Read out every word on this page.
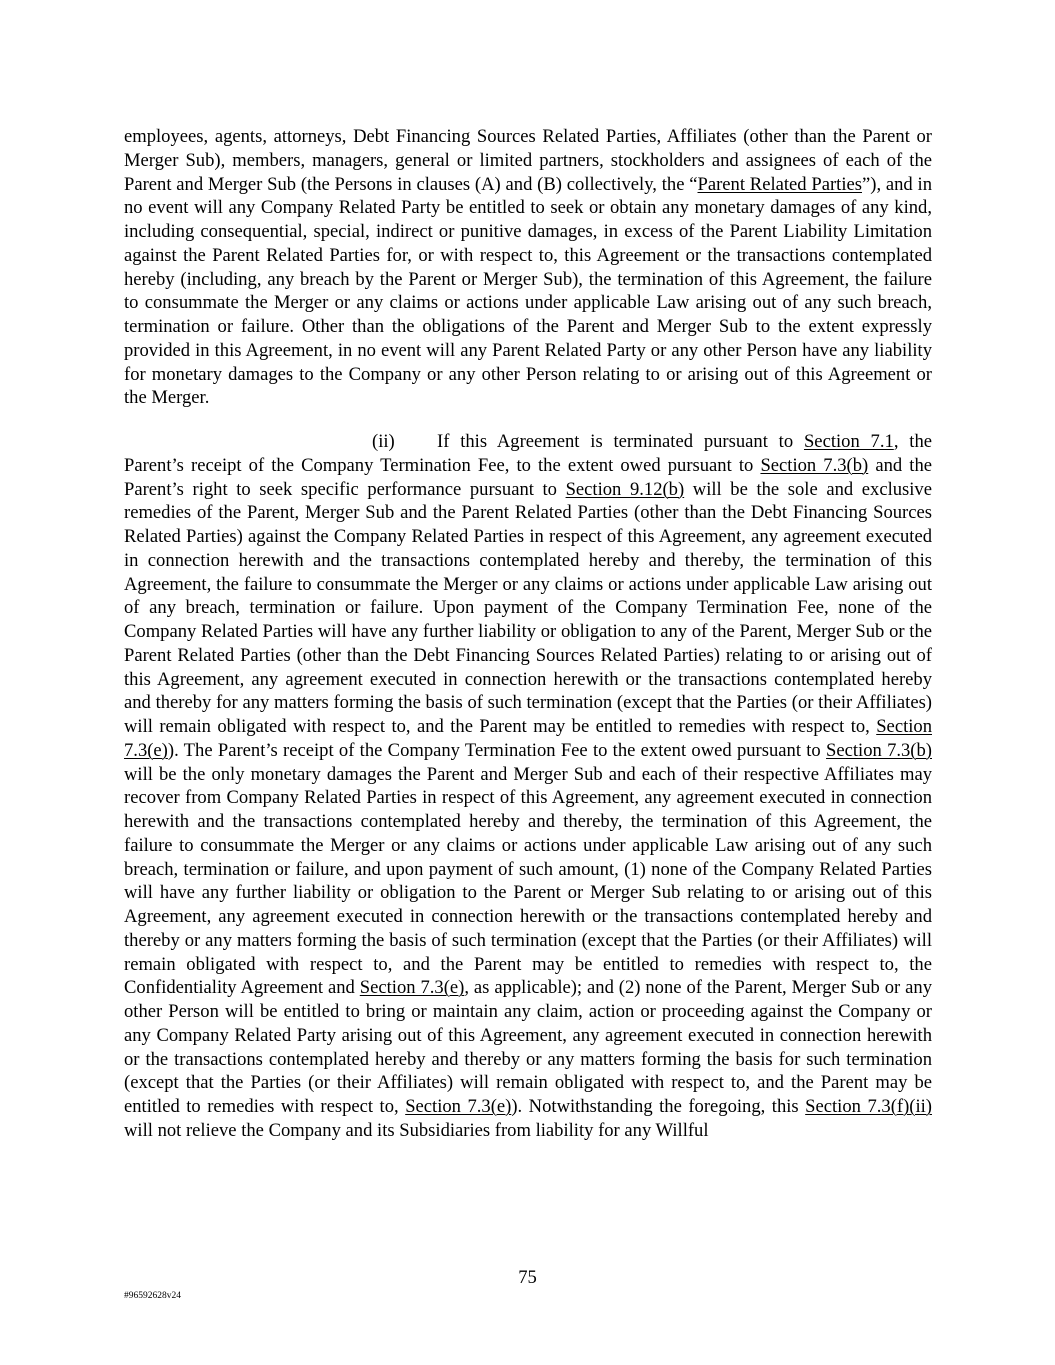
employees, agents, attorneys, Debt Financing Sources Related Parties, Affiliates (other than the Parent or Merger Sub), members, managers, general or limited partners, stockholders and assignees of each of the Parent and Merger Sub (the Persons in clauses (A) and (B) collectively, the “Parent Related Parties”), and in no event will any Company Related Party be entitled to seek or obtain any monetary damages of any kind, including consequential, special, indirect or punitive damages, in excess of the Parent Liability Limitation against the Parent Related Parties for, or with respect to, this Agreement or the transactions contemplated hereby (including, any breach by the Parent or Merger Sub), the termination of this Agreement, the failure to consummate the Merger or any claims or actions under applicable Law arising out of any such breach, termination or failure. Other than the obligations of the Parent and Merger Sub to the extent expressly provided in this Agreement, in no event will any Parent Related Party or any other Person have any liability for monetary damages to the Company or any other Person relating to or arising out of this Agreement or the Merger.

(ii) If this Agreement is terminated pursuant to Section 7.1, the Parent’s receipt of the Company Termination Fee, to the extent owed pursuant to Section 7.3(b) and the Parent’s right to seek specific performance pursuant to Section 9.12(b) will be the sole and exclusive remedies of the Parent, Merger Sub and the Parent Related Parties (other than the Debt Financing Sources Related Parties) against the Company Related Parties in respect of this Agreement, any agreement executed in connection herewith and the transactions contemplated hereby and thereby, the termination of this Agreement, the failure to consummate the Merger or any claims or actions under applicable Law arising out of any breach, termination or failure. Upon payment of the Company Termination Fee, none of the Company Related Parties will have any further liability or obligation to any of the Parent, Merger Sub or the Parent Related Parties (other than the Debt Financing Sources Related Parties) relating to or arising out of this Agreement, any agreement executed in connection herewith or the transactions contemplated hereby and thereby for any matters forming the basis of such termination (except that the Parties (or their Affiliates) will remain obligated with respect to, and the Parent may be entitled to remedies with respect to, Section 7.3(e)). The Parent’s receipt of the Company Termination Fee to the extent owed pursuant to Section 7.3(b) will be the only monetary damages the Parent and Merger Sub and each of their respective Affiliates may recover from Company Related Parties in respect of this Agreement, any agreement executed in connection herewith and the transactions contemplated hereby and thereby, the termination of this Agreement, the failure to consummate the Merger or any claims or actions under applicable Law arising out of any such breach, termination or failure, and upon payment of such amount, (1) none of the Company Related Parties will have any further liability or obligation to the Parent or Merger Sub relating to or arising out of this Agreement, any agreement executed in connection herewith or the transactions contemplated hereby and thereby or any matters forming the basis of such termination (except that the Parties (or their Affiliates) will remain obligated with respect to, and the Parent may be entitled to remedies with respect to, the Confidentiality Agreement and Section 7.3(e), as applicable); and (2) none of the Parent, Merger Sub or any other Person will be entitled to bring or maintain any claim, action or proceeding against the Company or any Company Related Party arising out of this Agreement, any agreement executed in connection herewith or the transactions contemplated hereby and thereby or any matters forming the basis for such termination (except that the Parties (or their Affiliates) will remain obligated with respect to, and the Parent may be entitled to remedies with respect to, Section 7.3(e)). Notwithstanding the foregoing, this Section 7.3(f)(ii) will not relieve the Company and its Subsidiaries from liability for any Willful

75
#96592628v24
